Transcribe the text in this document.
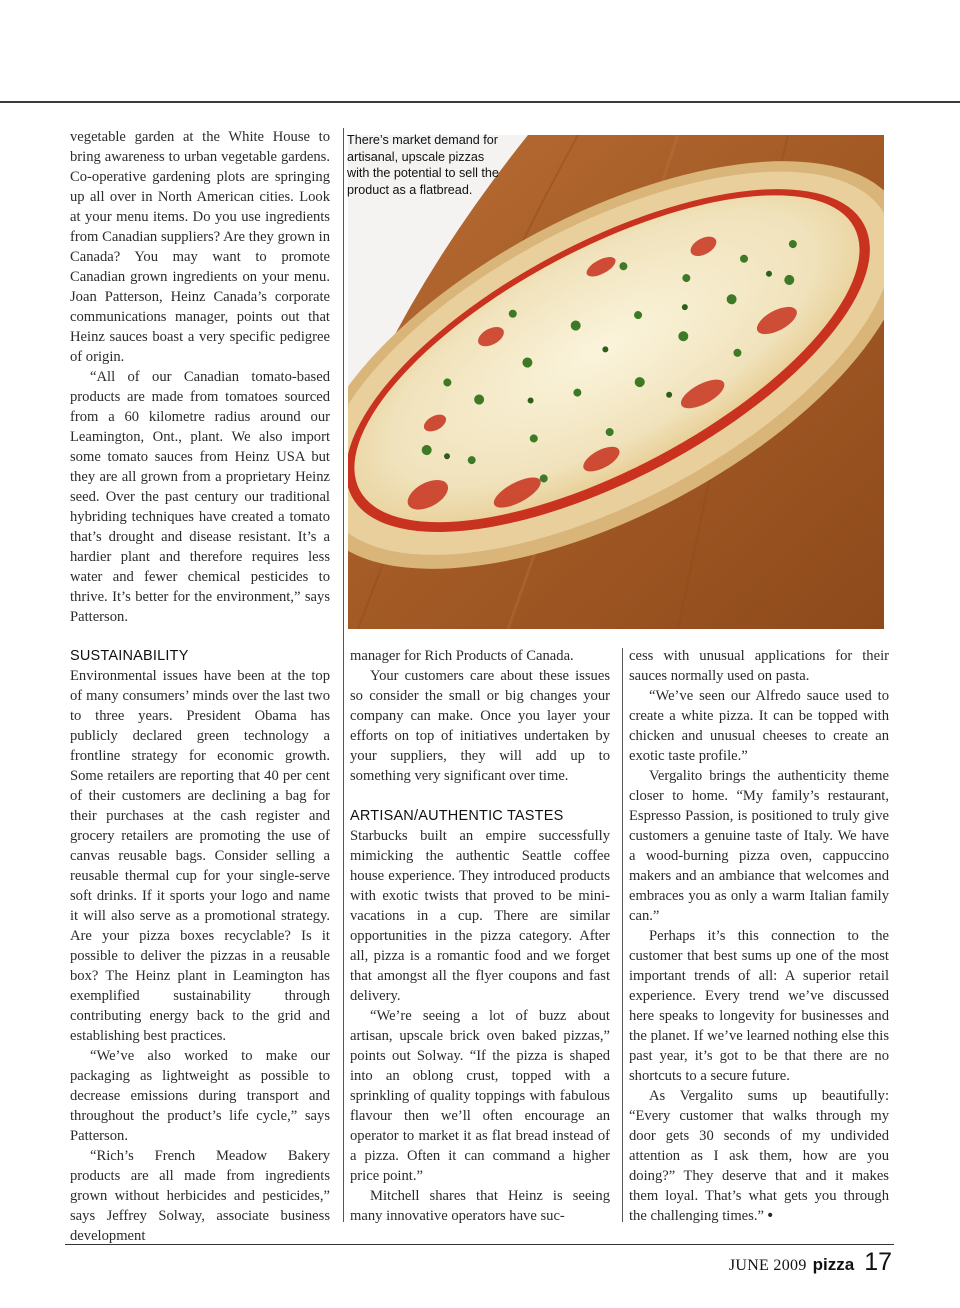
vegetable garden at the White House to bring awareness to urban vegetable gardens. Co-operative gardening plots are springing up all over in North American cities. Look at your menu items. Do you use ingredients from Canadian suppliers? Are they grown in Canada? You may want to promote Canadian grown ingredients on your menu. Joan Patterson, Heinz Canada’s corporate communications manager, points out that Heinz sauces boast a very specific pedigree of origin.

“All of our Canadian tomato-based products are made from tomatoes sourced from a 60 kilometre radius around our Leamington, Ont., plant. We also import some tomato sauces from Heinz USA but they are all grown from a proprietary Heinz seed. Over the past century our traditional hybriding techniques have created a tomato that’s drought and disease resistant. It’s a hardier plant and therefore requires less water and fewer chemical pesticides to thrive. It’s better for the environment,” says Patterson.

There’s market demand for artisanal, upscale pizzas with the potential to sell the product as a flatbread.
SUSTAINABILITY

Environmental issues have been at the top of many consumers’ minds over the last two to three years. President Obama has publicly declared green technology a frontline strategy for economic growth. Some retailers are reporting that 40 per cent of their customers are declining a bag for their purchases at the cash register and grocery retailers are promoting the use of canvas reusable bags. Consider selling a reusable thermal cup for your single-serve soft drinks. If it sports your logo and name it will also serve as a promotional strategy. Are your pizza boxes recyclable? Is it possible to deliver the pizzas in a reusable box? The Heinz plant in Leamington has exemplified sustainability through contributing energy back to the grid and establishing best practices.

“We’ve also worked to make our packaging as lightweight as possible to decrease emissions during transport and throughout the product’s life cycle,” says Patterson.

“Rich’s French Meadow Bakery products are all made from ingredients grown without herbicides and pesticides,” says Jeffrey Solway, associate business development

manager for Rich Products of Canada.

Your customers care about these issues so consider the small or big changes your company can make. Once you layer your efforts on top of initiatives undertaken by your suppliers, they will add up to something very significant over time.

ARTISAN/AUTHENTIC TASTES

Starbucks built an empire successfully mimicking the authentic Seattle coffee house experience. They introduced products with exotic twists that proved to be mini-vacations in a cup. There are similar opportunities in the pizza category. After all, pizza is a romantic food and we forget that amongst all the flyer coupons and fast delivery.

“We’re seeing a lot of buzz about artisan, upscale brick oven baked pizzas,” points out Solway. “If the pizza is shaped into an oblong crust, topped with a sprinkling of quality toppings with fabulous flavour then we’ll often encourage an operator to market it as flat bread instead of a pizza. Often it can command a higher price point.”

Mitchell shares that Heinz is seeing many innovative operators have suc-

cess with unusual applications for their sauces normally used on pasta.

“We’ve seen our Alfredo sauce used to create a white pizza. It can be topped with chicken and unusual cheeses to create an exotic taste profile.”

Vergalito brings the authenticity theme closer to home. “My family’s restaurant, Espresso Passion, is positioned to truly give customers a genuine taste of Italy. We have a wood-burning pizza oven, cappuccino makers and an ambiance that welcomes and embraces you as only a warm Italian family can.”

Perhaps it’s this connection to the customer that best sums up one of the most important trends of all: A superior retail experience. Every trend we’ve discussed here speaks to longevity for businesses and the planet. If we’ve learned nothing else this past year, it’s got to be that there are no shortcuts to a secure future.

As Vergalito sums up beautifully: “Every customer that walks through my door gets 30 seconds of my undivided attention as I ask them, how are you doing?” They deserve that and it makes them loyal. That’s what gets you through the challenging times.” •

JUNE 2009 pizza 17
